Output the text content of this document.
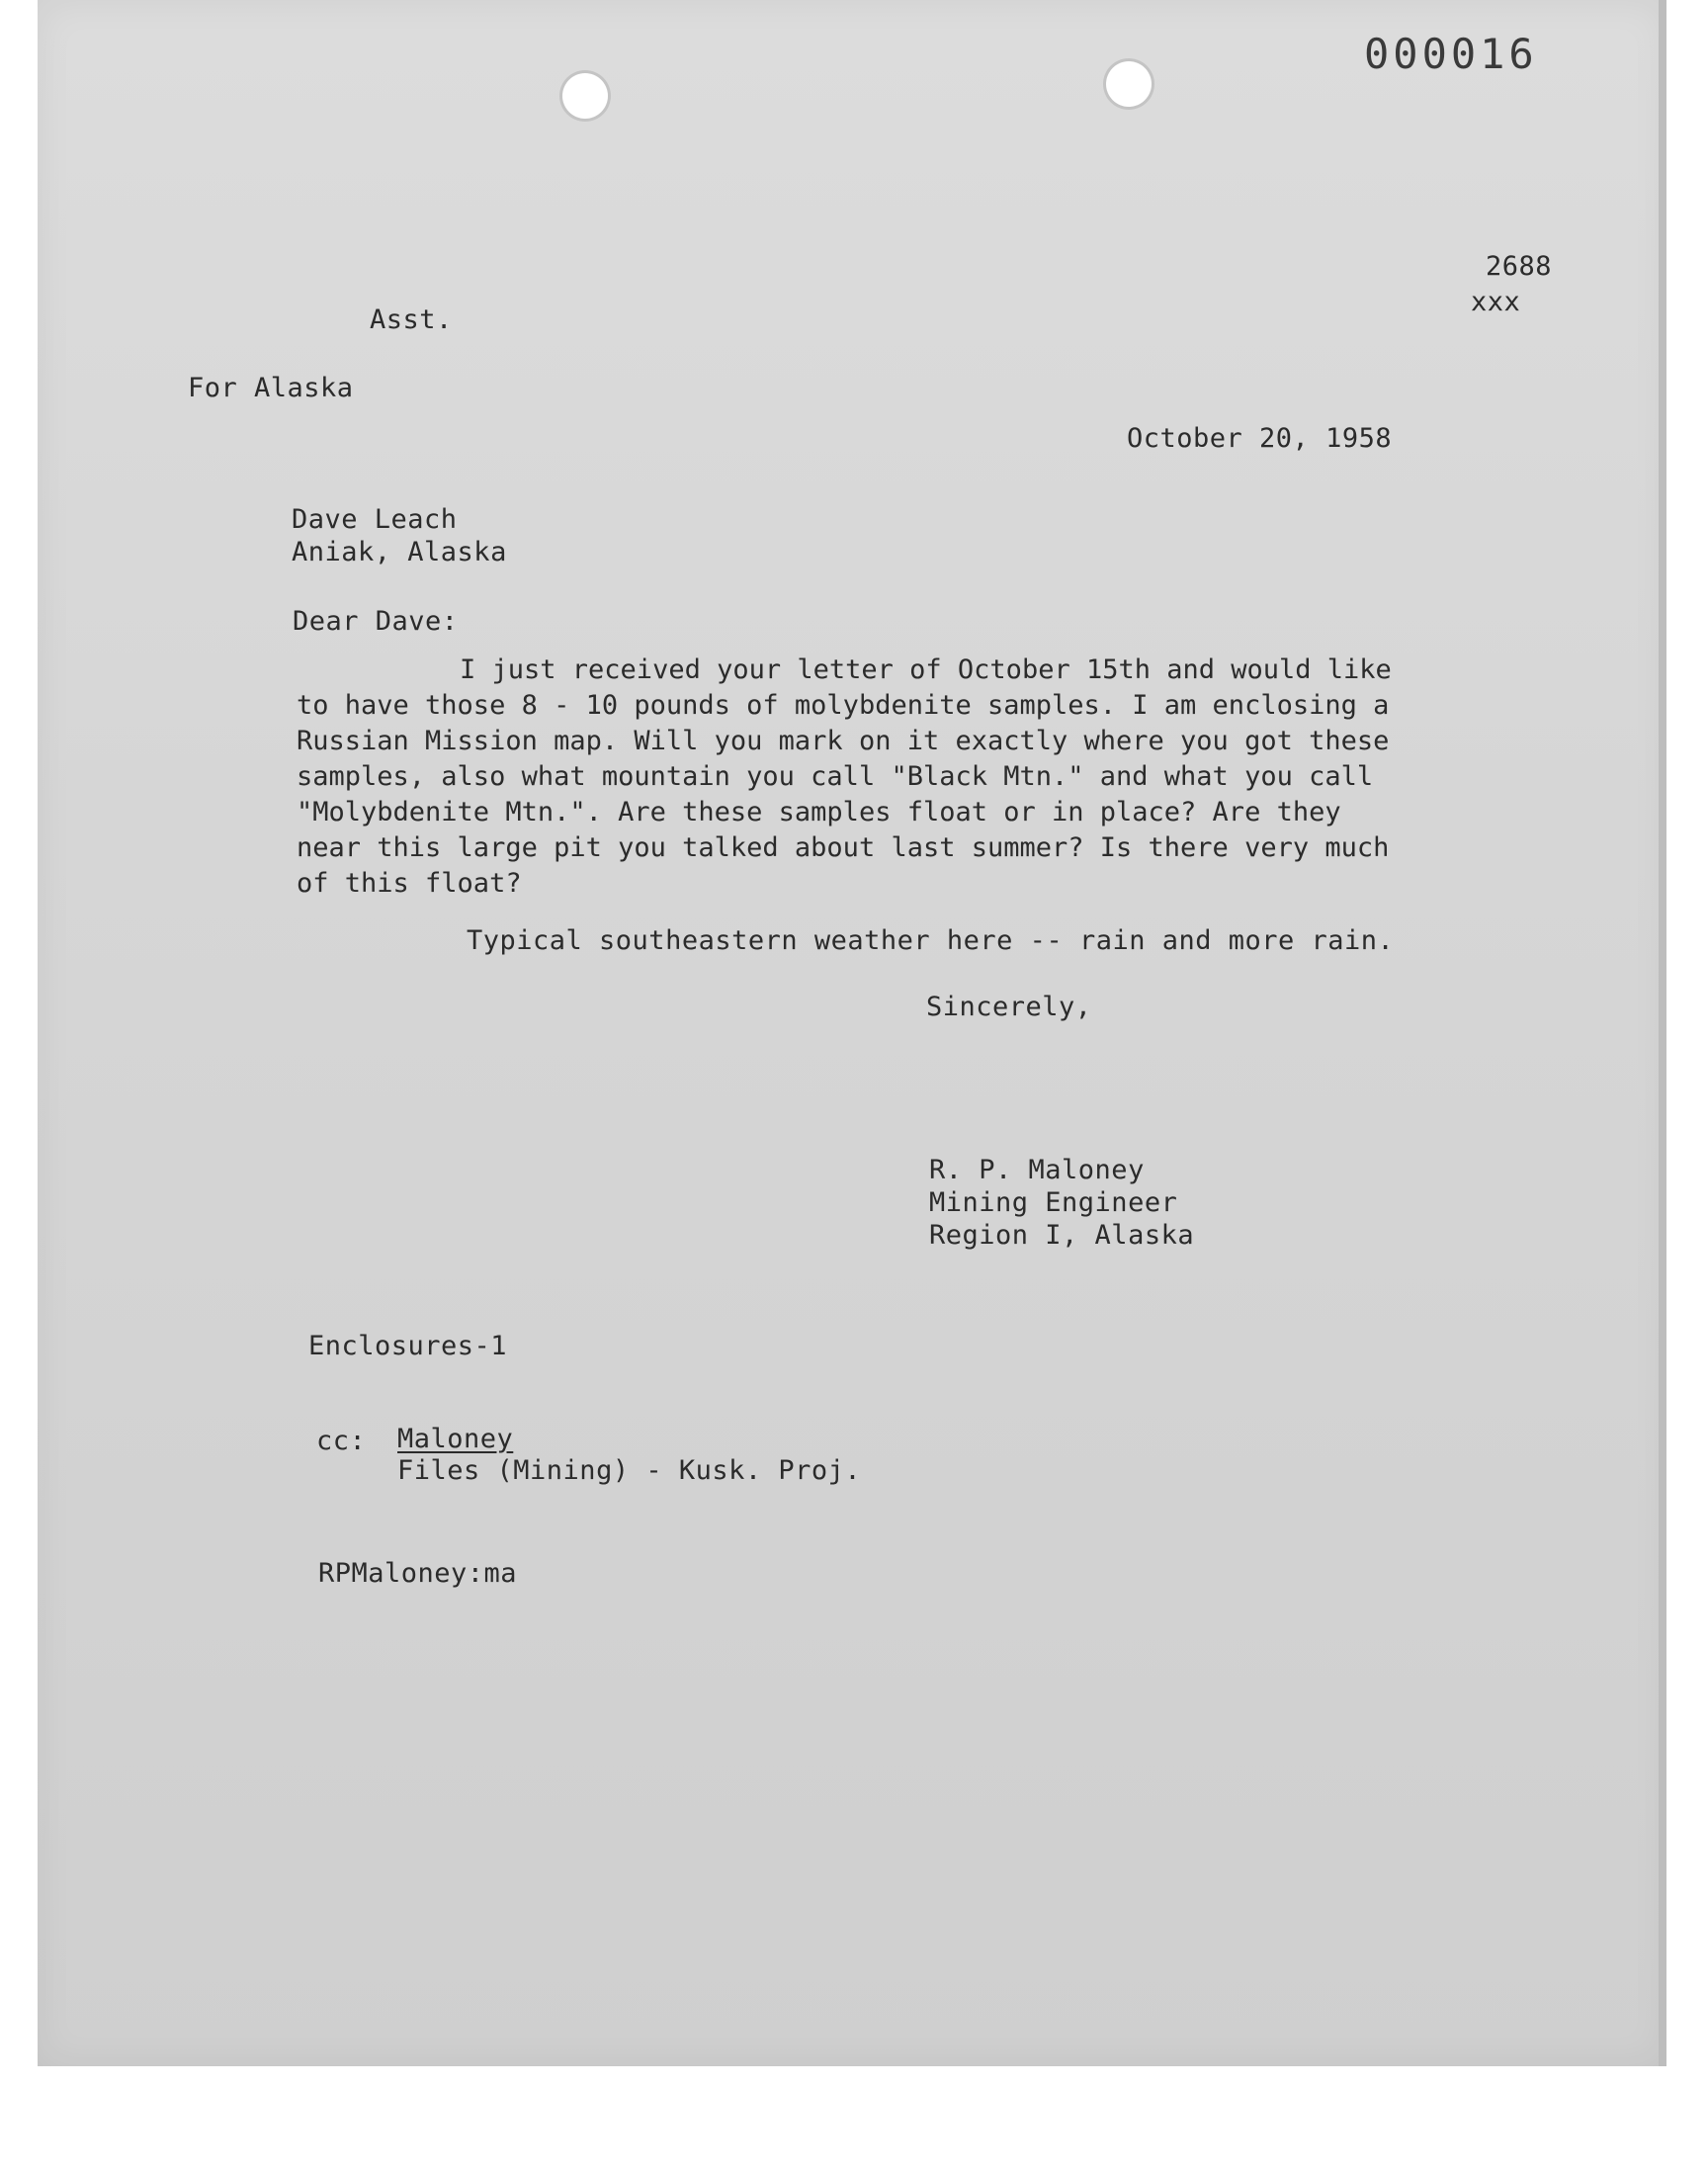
000016
2688
xxx
Asst.
For Alaska
October 20, 1958
Dave Leach
Aniak, Alaska
Dear Dave:

I just received your letter of October 15th and would like to have those 8 - 10 pounds of molybdenite samples. I am enclosing a Russian Mission map. Will you mark on it exactly where you got these samples, also what mountain you call "Black Mtn." and what you call "Molybdenite Mtn.". Are these samples float or in place? Are they near this large pit you talked about last summer? Is there very much of this float?

Typical southeastern weather here -- rain and more rain.
Sincerely,
R. P. Maloney
Mining Engineer
Region I, Alaska
Enclosures-1
cc: Maloney
Files (Mining) - Kusk. Proj.
RPMaloney:ma
